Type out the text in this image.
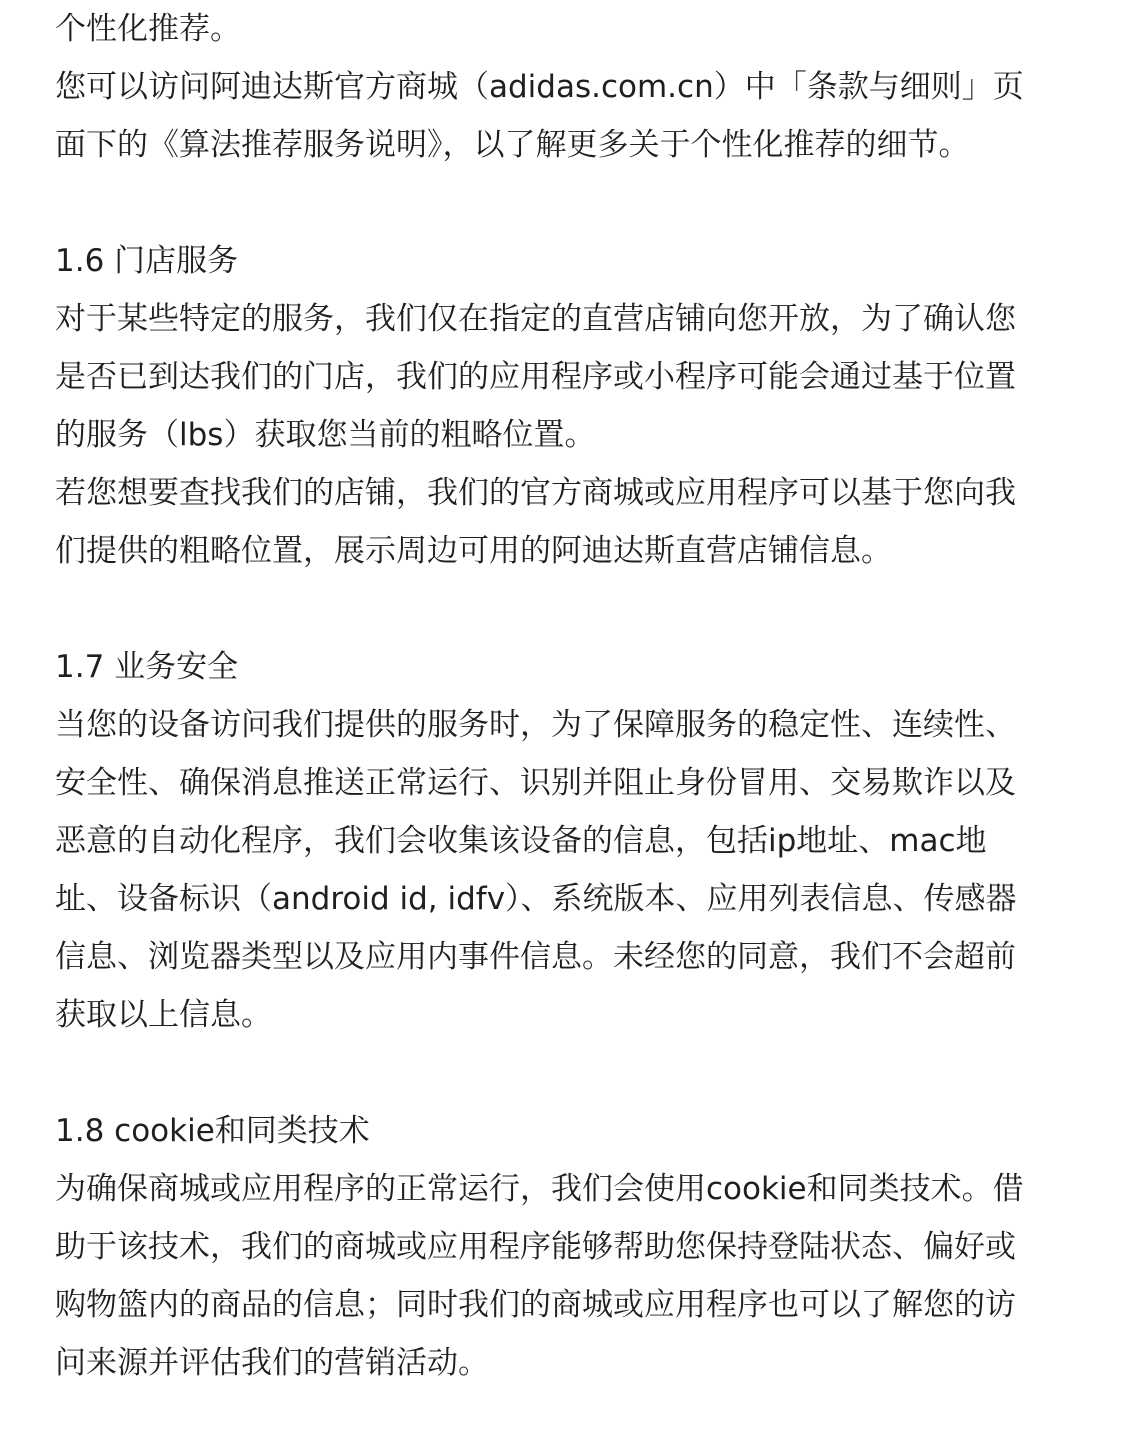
个性化推荐。
您可以访问阿迪达斯官方商城（adidas.com.cn）中「条款与细则」页
面下的《算法推荐服务说明》，以了解更多关于个性化推荐的细节。
1.6 门店服务
对于某些特定的服务，我们仅在指定的直营店铺向您开放，为了确认您
是否已到达我们的门店，我们的应用程序或小程序可能会通过基于位置
的服务（lbs）获取您当前的粗略位置。
若您想要查找我们的店铺，我们的官方商城或应用程序可以基于您向我
们提供的粗略位置，展示周边可用的阿迪达斯直营店铺信息。
1.7 业务安全
当您的设备访问我们提供的服务时，为了保障服务的稳定性、连续性、
安全性、确保消息推送正常运行、识别并阻止身份冒用、交易欺诈以及
恶意的自动化程序，我们会收集该设备的信息，包括ip地址、mac地
址、设备标识（android id, idfv）、系统版本、应用列表信息、传感器
信息、浏览器类型以及应用内事件信息。未经您的同意，我们不会超前
获取以上信息。
1.8 cookie和同类技术
为确保商城或应用程序的正常运行，我们会使用cookie和同类技术。借
助于该技术，我们的商城或应用程序能够帮助您保持登陆状态、偏好或
购物篮内的商品的信息；同时我们的商城或应用程序也可以了解您的访
问来源并评估我们的营销活动。
